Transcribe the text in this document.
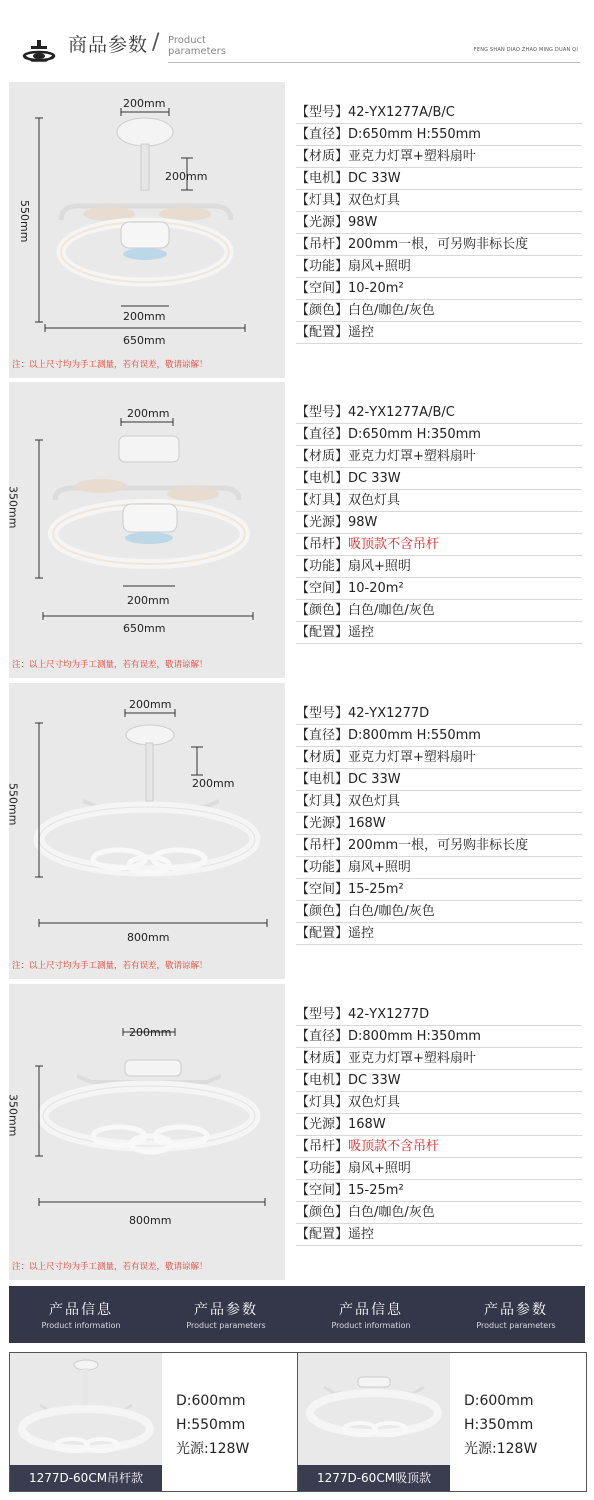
商品参数 / Product
parameters	FENG SHAN DIAO ZHAO MING DUAN QI
200mm
200mm
550mm
200mm
650mm
注：以上尺寸均为手工测量，若有误差，敬请谅解！
【型号】42-YX1277A/B/C
【直径】D:650mm H:550mm
【材质】亚克力灯罩+塑料扇叶
【电机】DC 33W
【灯具】双色灯具
【光源】98W
【吊杆】200mm一根，可另购非标长度
【功能】扇风+照明
【空间】10-20m²
【颜色】白色/咖色/灰色
【配置】遥控
200mm
350mm
200mm
650mm
注：以上尺寸均为手工测量，若有误差，敬请谅解！
【型号】42-YX1277A/B/C
【直径】D:650mm H:350mm
【材质】亚克力灯罩+塑料扇叶
【电机】DC 33W
【灯具】双色灯具
【光源】98W
【吊杆】吸顶款不含吊杆
【功能】扇风+照明
【空间】10-20m²
【颜色】白色/咖色/灰色
【配置】遥控
200mm
200mm
550mm
800mm
注：以上尺寸均为手工测量，若有误差，敬请谅解！
【型号】42-YX1277D
【直径】D:800mm H:550mm
【材质】亚克力灯罩+塑料扇叶
【电机】DC 33W
【灯具】双色灯具
【光源】168W
【吊杆】200mm一根，可另购非标长度
【功能】扇风+照明
【空间】15-25m²
【颜色】白色/咖色/灰色
【配置】遥控
200mm
350mm
800mm
注：以上尺寸均为手工测量，若有误差，敬请谅解！
【型号】42-YX1277D
【直径】D:800mm H:350mm
【材质】亚克力灯罩+塑料扇叶
【电机】DC 33W
【灯具】双色灯具
【光源】168W
【吊杆】吸顶款不含吊杆
【功能】扇风+照明
【空间】15-25m²
【颜色】白色/咖色/灰色
【配置】遥控
产品信息
Product information
产品参数
Product parameters
产品信息
Product information
产品参数
Product parameters
1277D-60CM吊杆款
D:600mm
H:550mm
光源:128W
1277D-60CM吸顶款
D:600mm
H:350mm
光源:128W
